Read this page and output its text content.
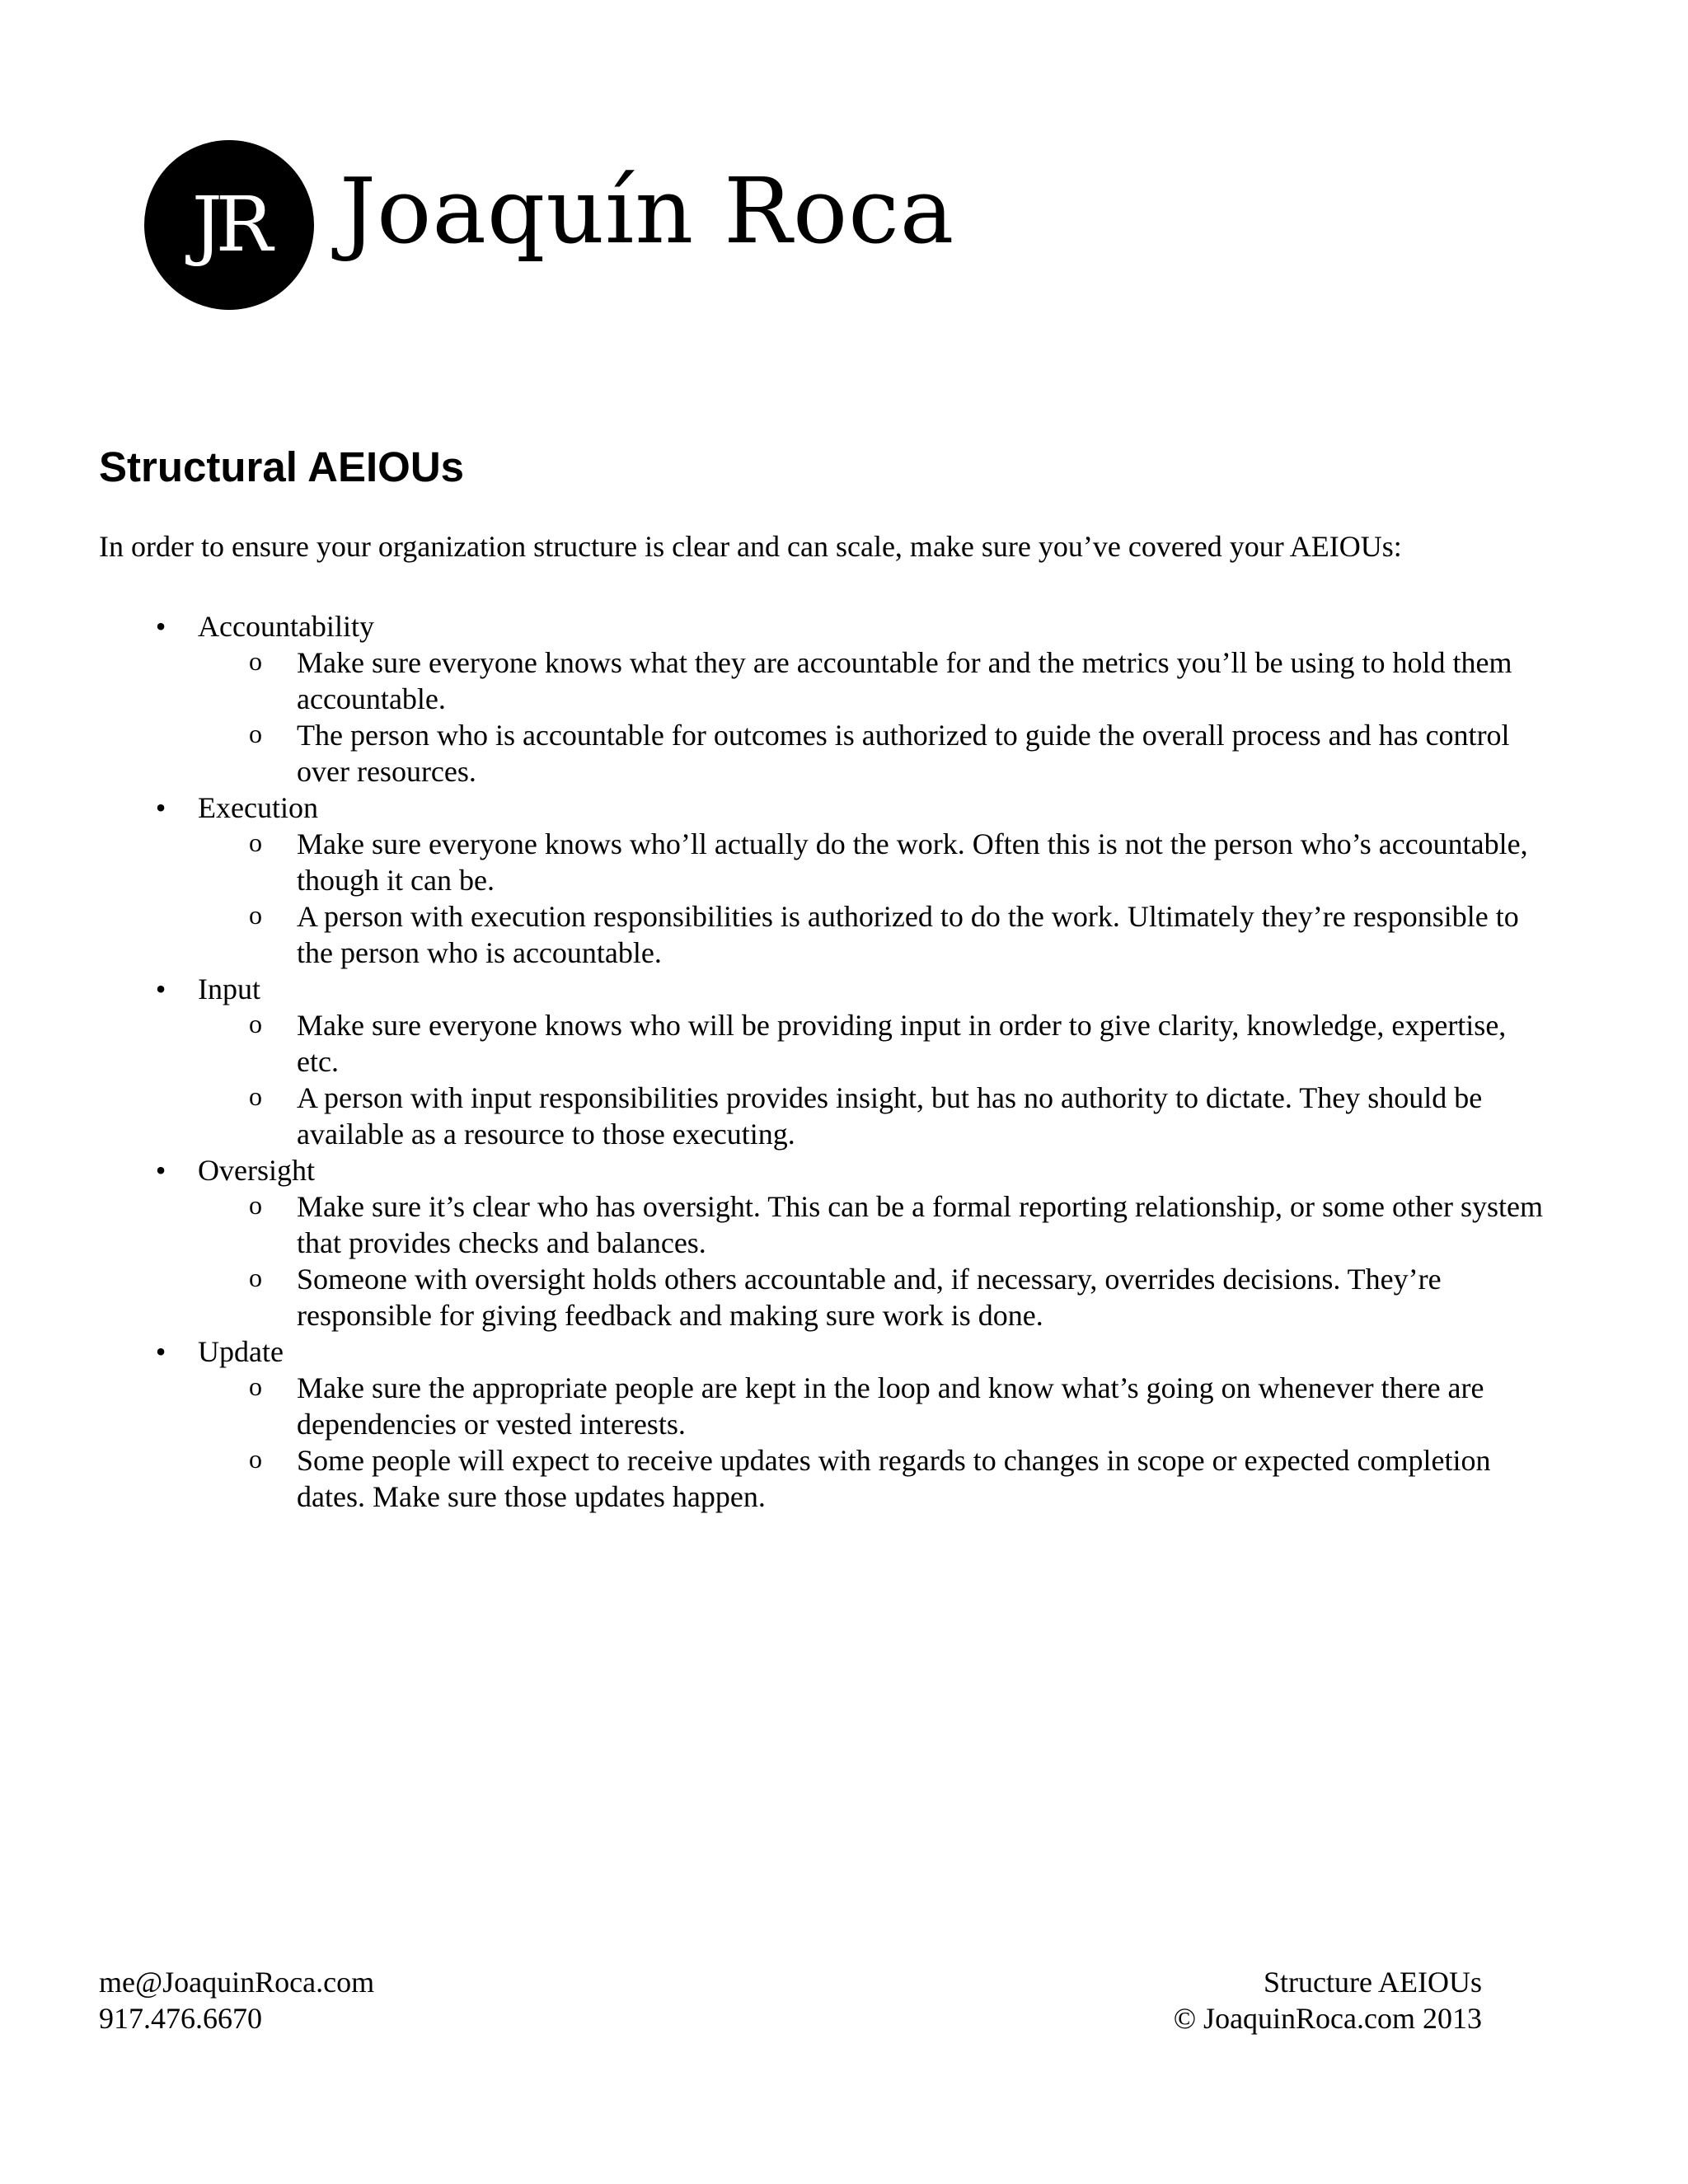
JR Joaquín Roca
Structural AEIOUs

In order to ensure your organization structure is clear and can scale, make sure you’ve covered your AEIOUs:

• Accountability
o Make sure everyone knows what they are accountable for and the metrics you’ll be using to hold them accountable.
o The person who is accountable for outcomes is authorized to guide the overall process and has control over resources.
• Execution
o Make sure everyone knows who’ll actually do the work. Often this is not the person who’s accountable, though it can be.
o A person with execution responsibilities is authorized to do the work. Ultimately they’re responsible to the person who is accountable.
• Input
o Make sure everyone knows who will be providing input in order to give clarity, knowledge, expertise, etc.
o A person with input responsibilities provides insight, but has no authority to dictate. They should be available as a resource to those executing.
• Oversight
o Make sure it’s clear who has oversight. This can be a formal reporting relationship, or some other system that provides checks and balances.
o Someone with oversight holds others accountable and, if necessary, overrides decisions. They’re responsible for giving feedback and making sure work is done.
• Update
o Make sure the appropriate people are kept in the loop and know what’s going on whenever there are dependencies or vested interests.
o Some people will expect to receive updates with regards to changes in scope or expected completion dates. Make sure those updates happen.
me@JoaquinRoca.com
917.476.6670
Structure AEIOUs
© JoaquinRoca.com 2013
